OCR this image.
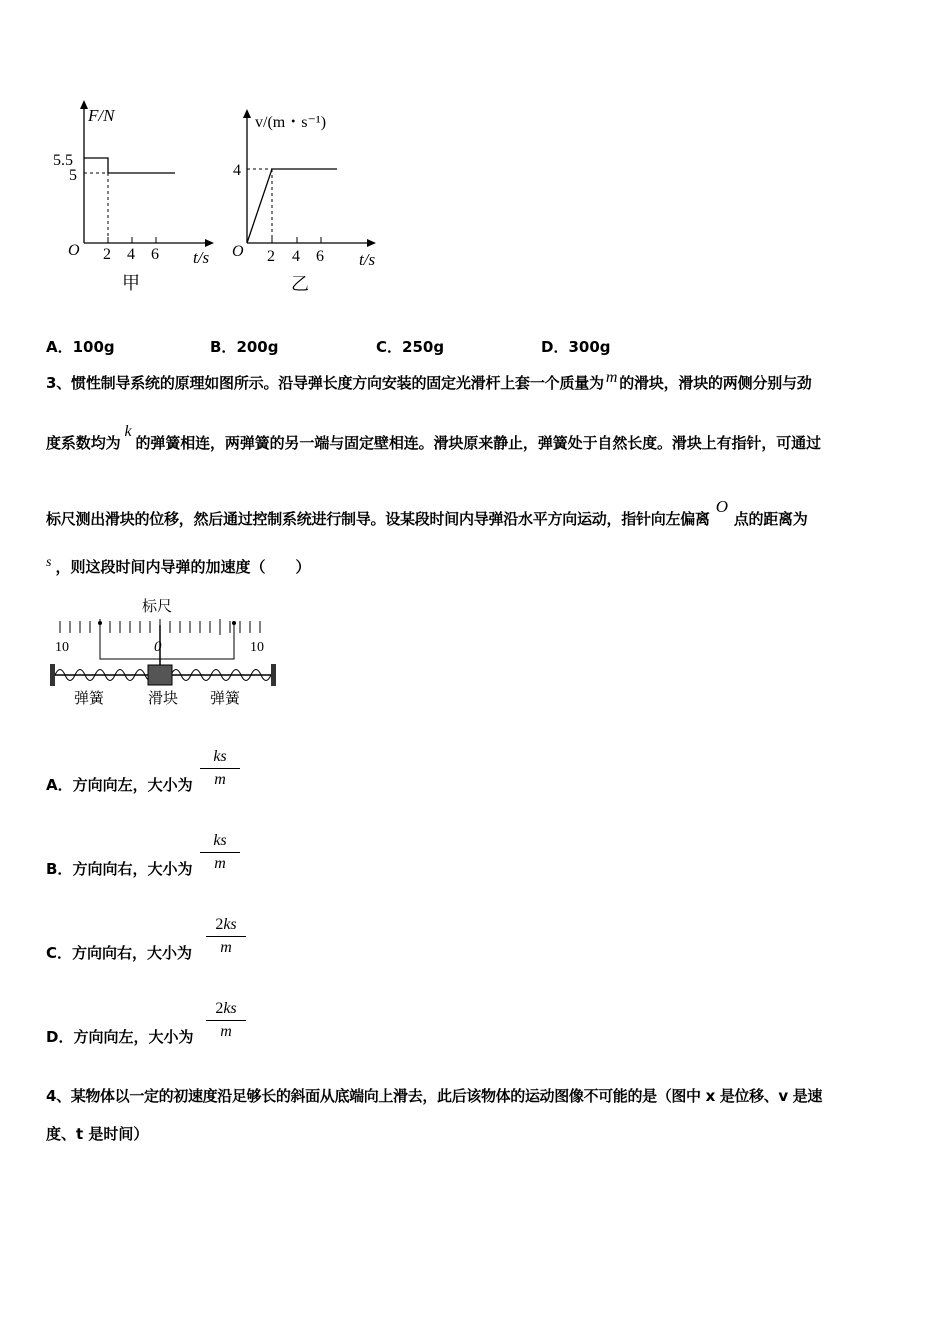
F/N
5.5
5
O 2 4 6 t/s
甲
v/(m・s⁻¹)
4
O 2 4 6 t/s
乙
A．100g	B．200g	C．250g	D．300g
3、惯性制导系统的原理如图所示。沿导弹长度方向安装的固定光滑杆上套一个质量为 m 的滑块，滑块的两侧分别与劲
度系数均为k的弹簧相连，两弹簧的另一端与固定壁相连。滑块原来静止，弹簧处于自然长度。滑块上有指针，可通过
标尺测出滑块的位移，然后通过控制系统进行制导。设某段时间内导弹沿水平方向运动，指针向左偏离O点的距离为
s ，则这段时间内导弹的加速度（　　）
标尺
10	0	10
弹簧	滑块 弹簧
A．方向向左，大小为
ks
m
B．方向向右，大小为
ks
m
C．方向向右，大小为
2ks
m
D．方向向左，大小为
2ks
m
4、某物体以一定的初速度沿足够长的斜面从底端向上滑去，此后该物体的运动图像不可能的是（图中 x 是位移、v 是速
度、t 是时间）
